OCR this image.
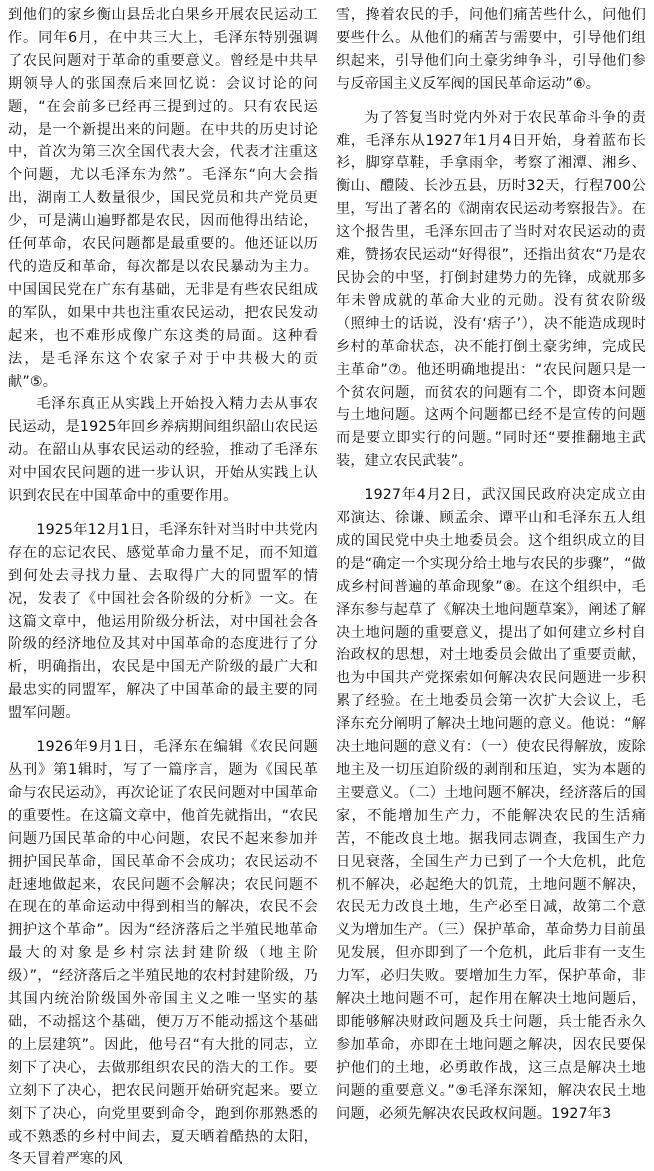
到他们的家乡衡山县岳北白果乡开展农民运动工作。同年6月，在中共三大上，毛泽东特别强调了农民问题对于革命的重要意义。曾经是中共早期领导人的张国焘后来回忆说：会议讨论的问题，“在会前多已经再三提到过的。只有农民运动，是一个新提出来的问题。在中共的历史讨论中，首次为第三次全国代表大会，代表才注重这个问题，尤以毛泽东为然”。毛泽东“向大会指出，湖南工人数量很少，国民党员和共产党员更少，可是满山遍野都是农民，因而他得出结论，任何革命，农民问题都是最重要的。他还证以历代的造反和革命，每次都是以农民暴动为主力。中国国民党在广东有基础，无非是有些农民组成的军队，如果中共也注重农民运动，把农民发动起来，也不难形成像广东这类的局面。这种看法，是毛泽东这个农家子对于中共极大的贡献”⑤。

毛泽东真正从实践上开始投入精力去从事农民运动，是1925年回乡养病期间组织韶山农民运动。在韶山从事农民运动的经验，推动了毛泽东对中国农民问题的进一步认识，开始从实践上认识到农民在中国革命中的重要作用。

1925年12月1日，毛泽东针对当时中共党内存在的忘记农民、感觉革命力量不足，而不知道到何处去寻找力量、去取得广大的同盟军的情况，发表了《中国社会各阶级的分析》一文。在这篇文章中，他运用阶级分析法，对中国社会各阶级的经济地位及其对中国革命的态度进行了分析，明确指出，农民是中国无产阶级的最广大和最忠实的同盟军，解决了中国革命的最主要的同盟军问题。

1926年9月1日，毛泽东在编辑《农民问题丛刊》第1辑时，写了一篇序言，题为《国民革命与农民运动》，再次论证了农民问题对中国革命的重要性。在这篇文章中，他首先就指出，“农民问题乃国民革命的中心问题，农民不起来参加并拥护国民革命，国民革命不会成功；农民运动不赶速地做起来，农民问题不会解决；农民问题不在现在的革命运动中得到相当的解决，农民不会拥护这个革命”。因为“经济落后之半殖民地革命最大的对象是乡村宗法封建阶级（地主阶级）”，“经济落后之半殖民地的农村封建阶级，乃其国内统治阶级国外帝国主义之唯一坚实的基础，不动摇这个基础，便万万不能动摇这个基础的上层建筑”。因此，他号召“有大批的同志，立刻下了决心，去做那组织农民的浩大的工作。要立刻下了决心，把农民问题开始研究起来。要立刻下了决心，向党里要到命令，跑到你那熟悉的或不熟悉的乡村中间去，夏天晒着酷热的太阳，冬天冒着严寒的风

雪，搀着农民的手，问他们痛苦些什么，问他们要些什么。从他们的痛苦与需要中，引导他们组织起来，引导他们向土豪劣绅争斗，引导他们参与反帝国主义反军阀的国民革命运动”⑥。

为了答复当时党内外对于农民革命斗争的责难，毛泽东从1927年1月4日开始，身着蓝布长衫，脚穿草鞋，手拿雨伞，考察了湘潭、湘乡、衡山、醴陵、长沙五县，历时32天，行程700公里，写出了著名的《湖南农民运动考察报告》。在这个报告里，毛泽东回击了当时对农民运动的责难，赞扬农民运动“好得很”，还指出贫农“乃是农民协会的中坚，打倒封建势力的先锋，成就那多年未曾成就的革命大业的元勋。没有贫农阶级（照绅士的话说，没有‘痞子’），决不能造成现时乡村的革命状态，决不能打倒土豪劣绅，完成民主革命”⑦。他还明确地提出：“农民问题只是一个贫农问题，而贫农的问题有二个，即资本问题与土地问题。这两个问题都已经不是宣传的问题而是要立即实行的问题。”同时还“要推翻地主武装，建立农民武装”。

1927年4月2日，武汉国民政府决定成立由邓演达、徐谦、顾孟余、谭平山和毛泽东五人组成的国民党中央土地委员会。这个组织成立的目的是“确定一个实现分给土地与农民的步骤”，“做成乡村间普遍的革命现象”⑧。在这个组织中，毛泽东参与起草了《解决土地问题草案》，阐述了解决土地问题的重要意义，提出了如何建立乡村自治政权的思想，对土地委员会做出了重要贡献，也为中国共产党探索如何解决农民问题进一步积累了经验。在土地委员会第一次扩大会议上，毛泽东充分阐明了解决土地问题的意义。他说：“解决土地问题的意义有：（一）使农民得解放，废除地主及一切压迫阶级的剥削和压迫，实为本题的主要意义。（二）土地问题不解决，经济落后的国家，不能增加生产力，不能解决农民的生活痛苦，不能改良土地。据我同志调查，我国生产力日见衰落，全国生产力已到了一个大危机，此危机不解决，必起绝大的饥荒，土地问题不解决，农民无力改良土地，生产必至日减，故第二个意义为增加生产。（三）保护革命，革命势力目前虽见发展，但亦即到了一个危机，此后非有一支生力军，必归失败。要增加生力军，保护革命，非解决土地问题不可，起作用在解决土地问题后，即能够解决财政问题及兵士问题，兵士能否永久参加革命，亦即在土地问题之解决，因农民要保护他们的土地，必勇敢作战，这三点是解决土地问题的重要意义。”⑨毛泽东深知，解决农民土地问题，必须先解决农民政权问题。1927年3
